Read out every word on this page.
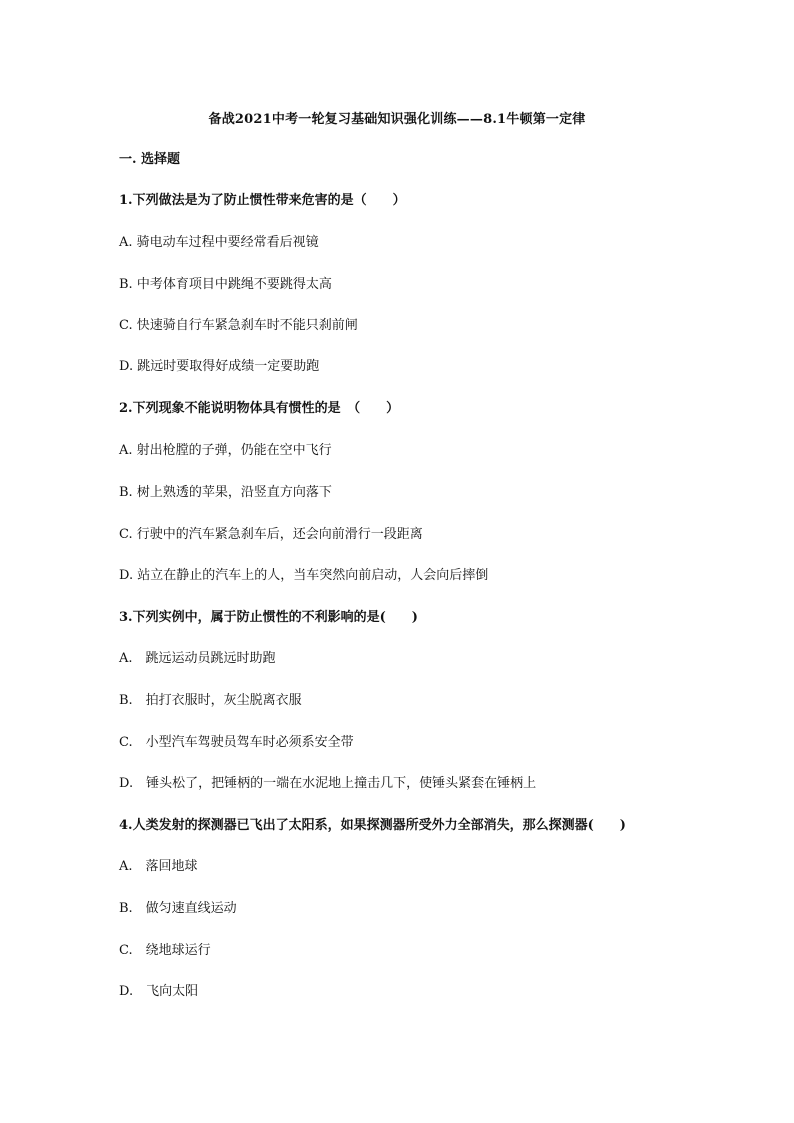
备战2021中考一轮复习基础知识强化训练——8.1牛顿第一定律
一. 选择题
1.下列做法是为了防止惯性带来危害的是（　　）
A. 骑电动车过程中要经常看后视镜
B. 中考体育项目中跳绳不要跳得太高
C. 快速骑自行车紧急刹车时不能只刹前闸
D. 跳远时要取得好成绩一定要助跑
2.下列现象不能说明物体具有惯性的是　（　　）
A. 射出枪膛的子弹，仍能在空中飞行
B. 树上熟透的苹果，沿竖直方向落下
C. 行驶中的汽车紧急刹车后，还会向前滑行一段距离
D. 站立在静止的汽车上的人，当车突然向前启动，人会向后摔倒
3.下列实例中，属于防止惯性的不利影响的是(　　)
A.　跳远运动员跳远时助跑
B.　拍打衣服时，灰尘脱离衣服
C.　小型汽车驾驶员驾车时必须系安全带
D.　锤头松了，把锤柄的一端在水泥地上撞击几下，使锤头紧套在锤柄上
4.人类发射的探测器已飞出了太阳系，如果探测器所受外力全部消失，那么探测器(　　)
A.　落回地球
B.　做匀速直线运动
C.　绕地球运行
D.　飞向太阳
